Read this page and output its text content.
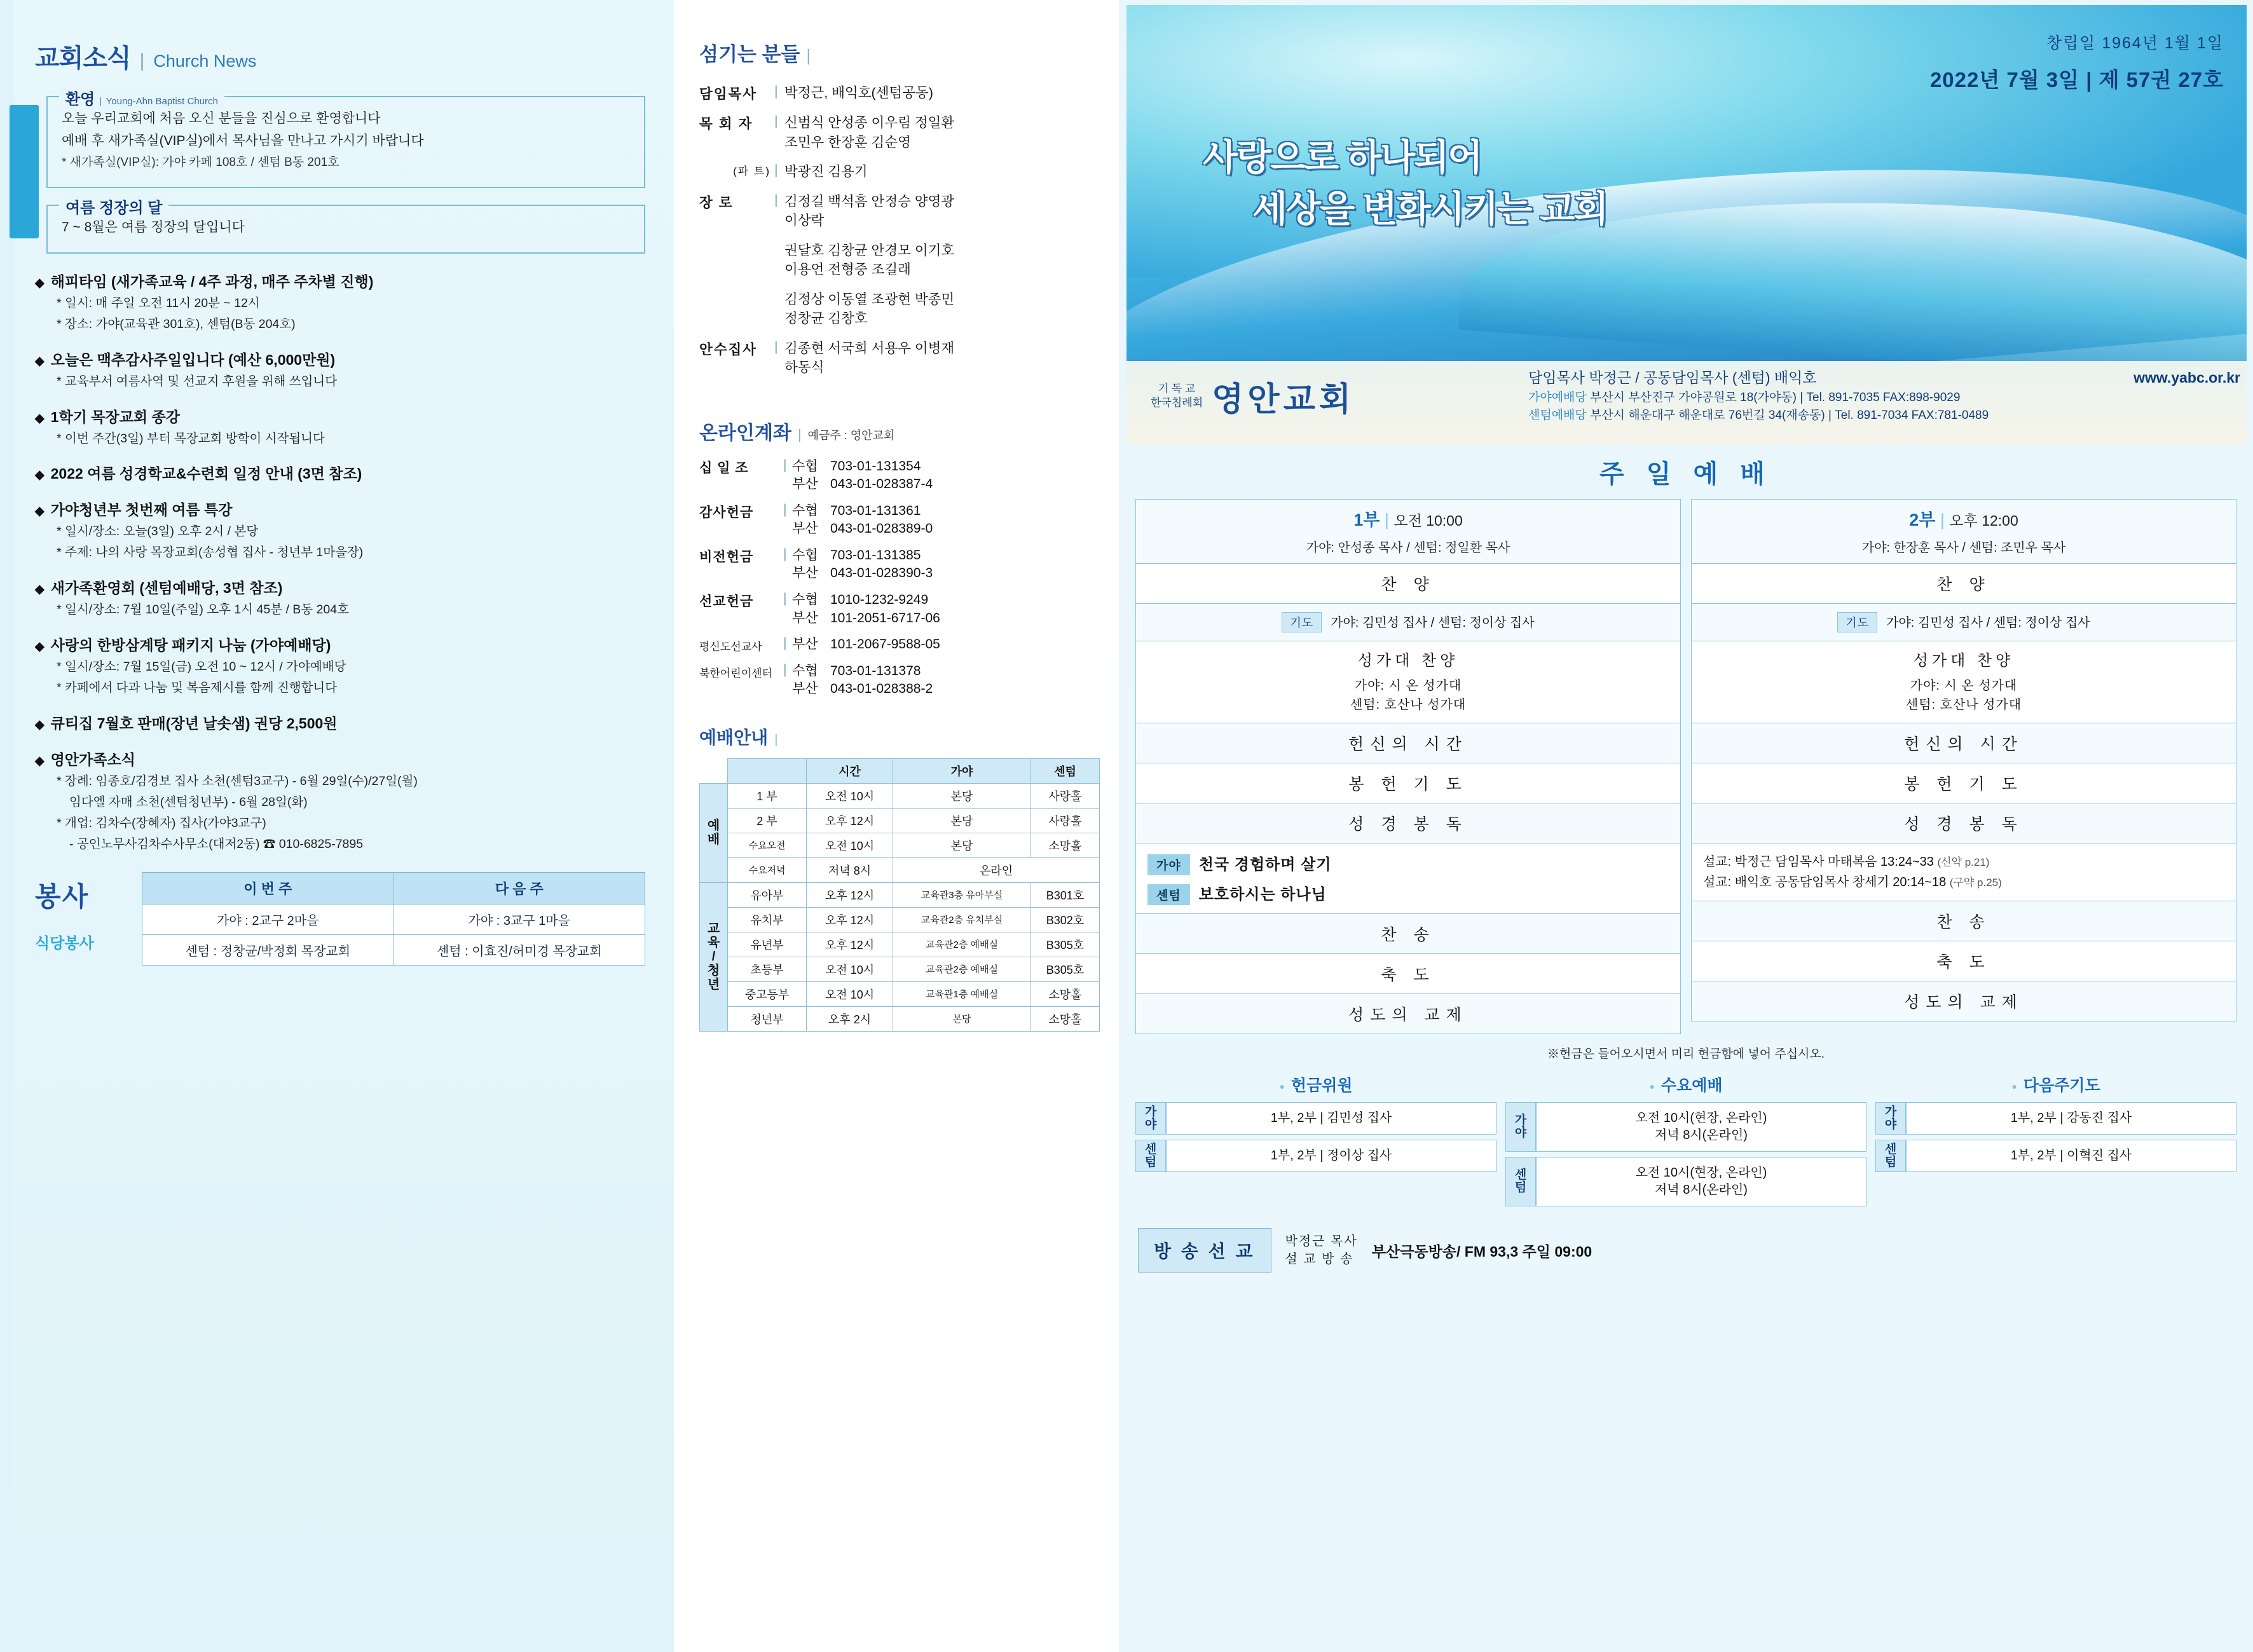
교회소식 | Church News
환영 | Young-Ahn Baptist Church

오늘 우리교회에 처음 오신 분들을 진심으로 환영합니다

예배 후 새가족실(VIP실)에서 목사님을 만나고 가시기 바랍니다

* 새가족실(VIP실): 가야 카페 108호 / 센텀 B동 201호

여름 정장의 달

7 ~ 8월은 여름 정장의 달입니다

◆ 해피타임 (새가족교육 / 4주 과정, 매주 주차별 진행)
* 일시: 매 주일 오전 11시 20분 ~ 12시
* 장소: 가야(교육관 301호), 센텀(B동 204호)
◆ 오늘은 맥추감사주일입니다 (예산 6,000만원)
* 교육부서 여름사역 및 선교지 후원을 위해 쓰입니다
◆ 1학기 목장교회 종강
* 이번 주간(3일) 부터 목장교회 방학이 시작됩니다
◆ 2022 여름 성경학교&수련회 일정 안내 (3면 참조)
◆ 가야청년부 첫번째 여름 특강
* 일시/장소: 오늘(3일) 오후 2시 / 본당
* 주제: 나의 사랑 목장교회(송성협 집사 - 청년부 1마을장)
◆ 새가족환영회 (센텀예배당, 3면 참조)
* 일시/장소: 7월 10일(주일) 오후 1시 45분 / B동 204호
◆ 사랑의 한방삼계탕 패키지 나눔 (가야예배당)
* 일시/장소: 7월 15일(금) 오전 10 ~ 12시 / 가야예배당
* 카페에서 다과 나눔 및 복음제시를 함께 진행합니다
◆ 큐티집 7월호 판매(장년 날솟샘) 권당 2,500원
◆ 영안가족소식
* 장례: 임종호/김경보 집사 소천(센텀3교구) - 6월 29일(수)/27일(월)
임다엘 자매 소천(센텀청년부) - 6월 28일(화)
* 개업: 김차수(장혜자) 집사(가야3교구)
- 공인노무사김차수사무소(대저2동) ☎ 010-6825-7895
봉사
식당봉사
이 번 주	다 음 주
가야 : 2교구 2마을	가야 : 3교구 1마을
센텀 : 정창균/박정회 목장교회	센텀 : 이효진/허미경 목장교회
섬기는 분들 |
담임목사	| 박정근, 배익호(센텀공동)
목 회 자	| 신범식 안성종 이우림 정일환
조민우 한장훈 김순영
(파 트) | 박광진 김용기
장 로	| 김정길 백석흠 안정승 양영광
이상락
권달호 김창균 안경모 이기호
이용언 전형중 조길래
김정상 이동열 조광현 박종민
정창균 김창호
안수집사	| 김종현 서국희 서용우 이병재
하동식
온라인계좌 | 예금주 : 영안교회
십 일 조	| 수협 703-01-131354
부산 043-01-028387-4
감사헌금	| 수협 703-01-131361
부산 043-01-028389-0
비전헌금	| 수협 703-01-131385
부산 043-01-028390-3
선교헌금	| 수협 1010-1232-9249
부산 101-2051-6717-06
평신도선교사	| 부산 101-2067-9588-05
북한어린이센터 | 수협 703-01-131378
부산 043-01-028388-2
예배안내 |
		시간	가야	센텀
예
배	1 부	오전 10시	본당	사랑홀
	2 부	오후 12시	본당	사랑홀
	수요오전	오전 10시	본당	소망홀
	수요저녁	저녁 8시	온라인	
교
육
/
청
년	유아부	오후 12시	교육관3층 유아부실	B301호
	유치부	오후 12시	교육관2층 유치부실	B302호
	유년부	오후 12시	교육관2층 예배실	B305호
	초등부	오전 10시	교육관2층 예배실	B305호
	중고등부	오전 10시	교육관1층 예배실	소망홀
	청년부	오후 2시	본당	소망홀
창립일 1964년 1월 1일
2022년 7월 3일 | 제 57권 27호
사랑으로 하나되어
세상을 변화시키는 교회
기 독 교
한국침례회 영안교회
www.yabc.or.kr
담임목사 박정근 / 공동담임목사 (센텀) 배익호
가야예배당 부산시 부산진구 가야공원로 18(가야동) | Tel. 891-7035 FAX:898-9029
센텀예배당 부산시 해운대구 해운대로 76번길 34(재송동) | Tel. 891-7034 FAX:781-0489
주 일 예 배
1부 | 오전 10:00
가야: 안성종 목사 / 센텀: 정일환 목사
찬 양
기도 가야: 김민성 집사 / 센텀: 정이상 집사
성가대 찬양
가야: 시 온 성가대
센텀: 호산나 성가대
헌신의 시간
봉 헌 기 도
성 경 봉 독
가야 천국 경험하며 살기
센텀 보호하시는 하나님
찬 송
축 도
성도의 교제
2부 | 오후 12:00
가야: 한장훈 목사 / 센텀: 조민우 목사
찬 양
기도 가야: 김민성 집사 / 센텀: 정이상 집사
성가대 찬양
가야: 시 온 성가대
센텀: 호산나 성가대
헌신의 시간
봉 헌 기 도
성 경 봉 독
설교: 박정근 담임목사 마태복음 13:24~33 (신약 p.21)
설교: 배익호 공동담임목사 창세기 20:14~18 (구약 p.25)
찬 송
축 도
성도의 교제
※헌금은 들어오시면서 미리 헌금함에 넣어 주십시오.
● 헌금위원
가
야	1부, 2부 | 김민성 집사
센
텀	1부, 2부 | 정이상 집사
● 수요예배
가
야
오전 10시(현장, 온라인)
저녁 8시(온라인)
센
텀
오전 10시(현장, 온라인)
저녁 8시(온라인)
● 다음주기도
가
야	1부, 2부 | 강동진 집사
센
텀	1부, 2부 | 이혁진 집사
방 송 선 교	박정근 목사
설 교 방 송 부산극동방송/ FM 93,3 주일 09:00
